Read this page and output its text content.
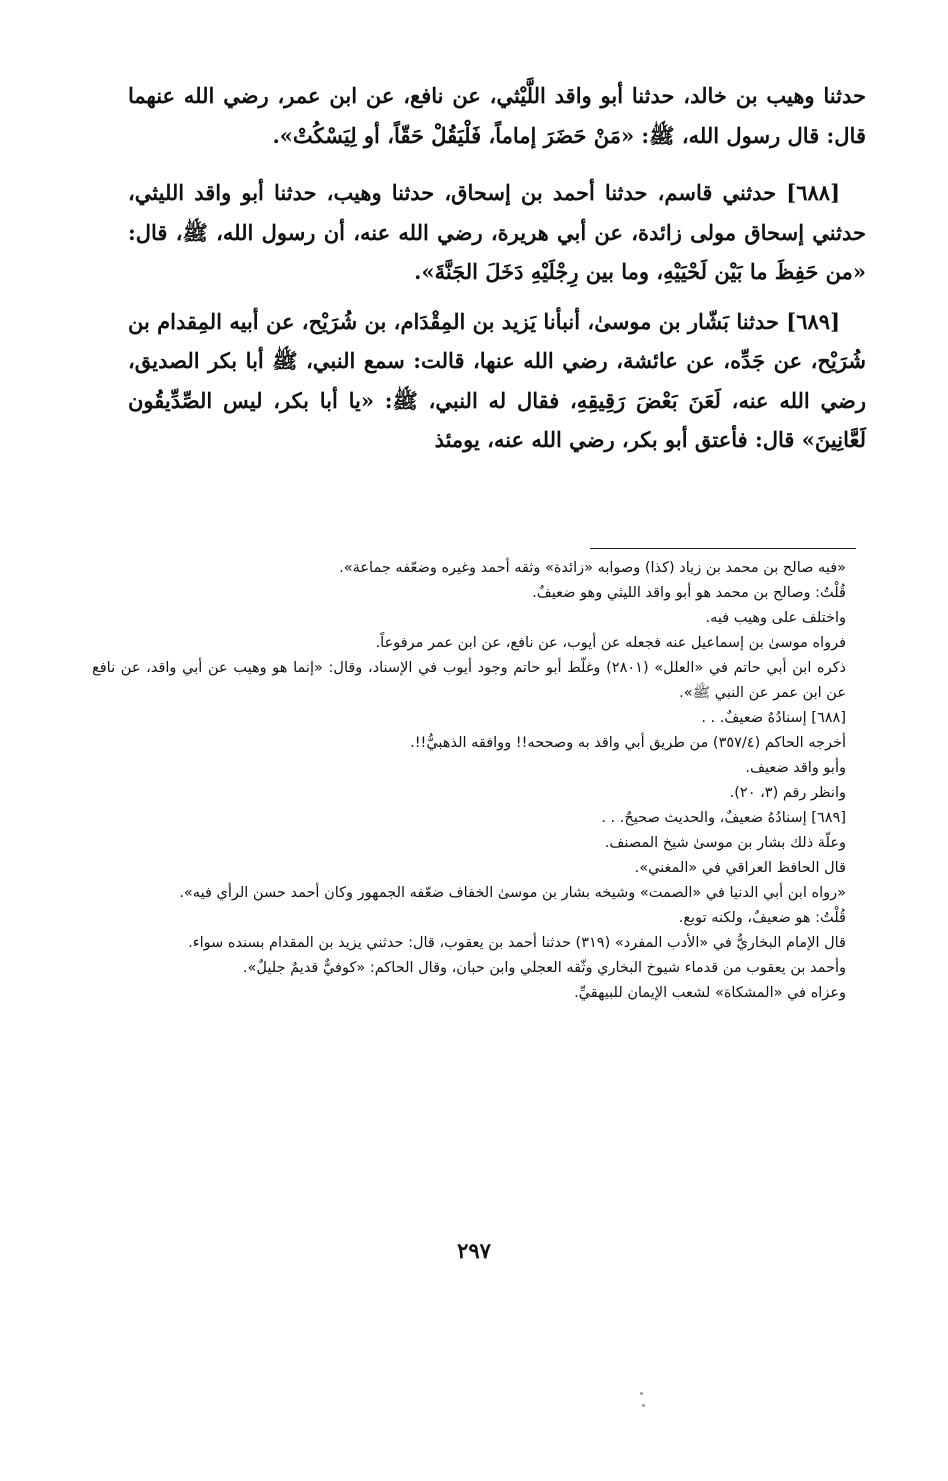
حدثنا وهيب بن خالد، حدثنا أبو واقد اللَّيْثي، عن نافع، عن ابن عمر، رضي الله عنهما قال: قال رسول الله، ﷺ: «مَنْ حَضَرَ إماماً، فَلْيَقُلْ حَقّاً، أو لِيَسْكُتْ».

[٦٨٨] حدثني قاسم، حدثنا أحمد بن إسحاق، حدثنا وهيب، حدثنا أبو واقد الليثي، حدثني إسحاق مولى زائدة، عن أبي هريرة، رضي الله عنه، أن رسول الله، ﷺ، قال: «من حَفِظَ ما بَيْن لَحْيَيْهِ، وما بين رِجْلَيْهِ دَخَلَ الجَنَّةَ».

[٦٨٩] حدثنا بَشّار بن موسىٰ، أنبأنا يَزيد بن المِقْدَام، بن شُرَيْح، عن أبيه المِقدام بن شُرَيْح، عن جَدِّه، عن عائشة، رضي الله عنها، قالت: سمع النبي، ﷺ أبا بكر الصديق، رضي الله عنه، لَعَنَ بَعْضَ رَقِيقِهِ، فقال له النبي، ﷺ: «يا أبا بكر، ليس الصِّدِّيقُون لَعَّانِينَ» قال: فأعتق أبو بكر، رضي الله عنه، يومئذ

«فيه صالح بن محمد بن زياد (كذا) وصوابه «زائدة» وثقه أحمد وغيره وضعّفه جماعة».

قُلْتُ: وصالح بن محمد هو أبو واقد الليثي وهو ضعيفٌ.

واختلف على وهيب فيه.

فرواه موسىٰ بن إسماعيل عنه فجعله عن أيوب، عن نافع، عن ابن عمر مرفوعاً.

ذكره ابن أبي حاتم في «العلل» (٢٨٠١) وغلّط أبو حاتم وجود أيوب في الإسناد، وقال: «إنما هو وهيب عن أبي واقد، عن نافع عن ابن عمر عن النبي ﷺ».

[٦٨٨] إسنادُهُ ضعيفٌ. . .

أخرجه الحاكم (٣٥٧/٤) من طريق أبي واقد به وصححه!! ووافقه الذهبيُّ!!.

وأبو واقد ضعيف.

وانظر رقم (٣، ٢٠).

[٦٨٩] إسنادُهُ ضعيفٌ، والحديث صحيحٌ. . .

وعلّة ذلك بشار بن موسىٰ شيخ المصنف.

قال الحافظ العراقي في «المغني».

«رواه ابن أبي الدنيا في «الصمت» وشيخه بشار بن موسىٰ الخفاف ضعّفه الجمهور وكان أحمد حسن الرأي فيه».

قُلْتُ: هو ضعيفٌ، ولكنه توبع.

قال الإمام البخاريُّ في «الأدب المفرد» (٣١٩) حدثنا أحمد بن يعقوب، قال: حدثني يزيد بن المقدام بسنده سواء.

وأحمد بن يعقوب من قدماء شيوخ البخاري وثّقه العجلي وابن حبان، وقال الحاكم: «كوفيٌّ قديمٌ جليلٌ».

وعزاه في «المشكاة» لشعب الإيمان للبيهقيِّ.

٢٩٧
